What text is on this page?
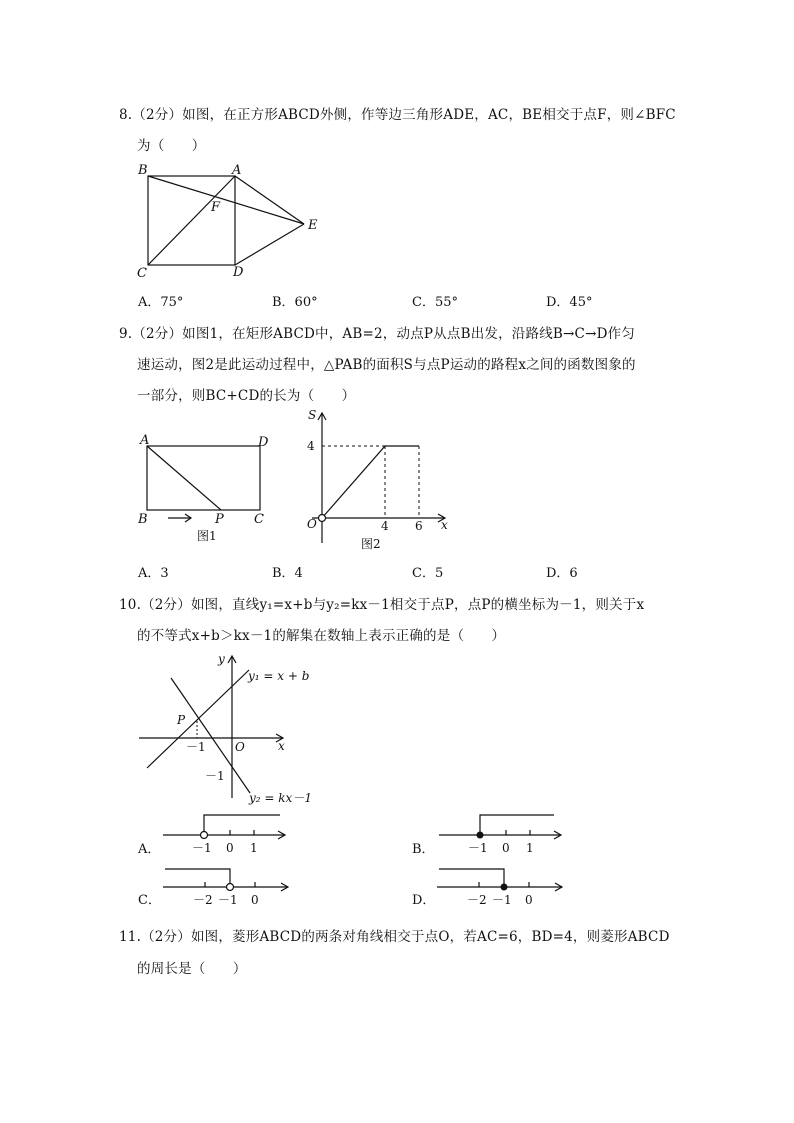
8.（2分）如图，在正方形ABCD外侧，作等边三角形ADE，AC，BE相交于点F，则∠BFC
为（　　）
B	A
F
E
C	D
A．75°	B．60°	C．55°	D．45°
9.（2分）如图1，在矩形ABCD中，AB=2，动点P从点B出发，沿路线B→C→D作匀
速运动，图2是此运动过程中，△PAB的面积S与点P运动的路程x之间的函数图象的
一部分，则BC+CD的长为（　　）
A	D
B	P C
图1
S
4
O	4 6 x
图2
A．3	B．4	C．5	D．6
10.（2分）如图，直线y₁=x+b与y₂=kx－1相交于点P，点P的横坐标为－1，则关于x
的不等式x+b＞kx－1的解集在数轴上表示正确的是（　　）
y
y₁ = x + b
P
－1 O	x
－1
y₂ = kx－1
A．	－1 0 1	B．	－1 0 1
C．	－2 －1 0	D．	－2 －1 0
11.（2分）如图，菱形ABCD的两条对角线相交于点O，若AC=6，BD=4，则菱形ABCD
的周长是（　　）
